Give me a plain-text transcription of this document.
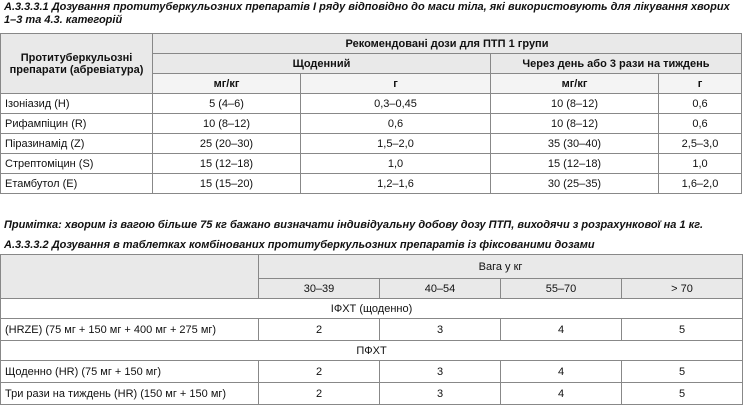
А.3.3.3.1 Дозування протитуберкульозних препаратів І ряду відповідно до маси тіла, які використовують для лікування хворих 1–3 та 4.3. категорій
Протитуберкульозні препарати (абревіатура)	Рекомендовані дози для ПТП 1 групи			
	Щоденний		Через день або 3 рази на тиждень	
	мг/кг	г	мг/кг	г
Ізоніазид (H)	5 (4–6)	0,3–0,45	10 (8–12)	0,6
Рифампіцин (R)	10 (8–12)	0,6	10 (8–12)	0,6
Піразинамід (Z)	25 (20–30)	1,5–2,0	35 (30–40)	2,5–3,0
Стрептоміцин (S)	15 (12–18)	1,0	15 (12–18)	1,0
Етамбутол (E)	15 (15–20)	1,2–1,6	30 (25–35)	1,6–2,0
Примітка: хворим із вагою більше 75 кг бажано визначати індивідуальну добову дозу ПТП, виходячи з розрахункової на 1 кг.
А.3.3.3.2 Дозування в таблетках комбінованих протитуберкульозних препаратів із фіксованими дозами
	Вага у кг			
	30–39	40–54	55–70	> 70
ІФХТ (щоденно)				
(HRZE) (75 мг + 150 мг + 400 мг + 275 мг)	2	3	4	5
ПФХТ				
Щоденно (HR) (75 мг + 150 мг)	2	3	4	5
Три рази на тиждень (HR) (150 мг + 150 мг)	2	3	4	5
